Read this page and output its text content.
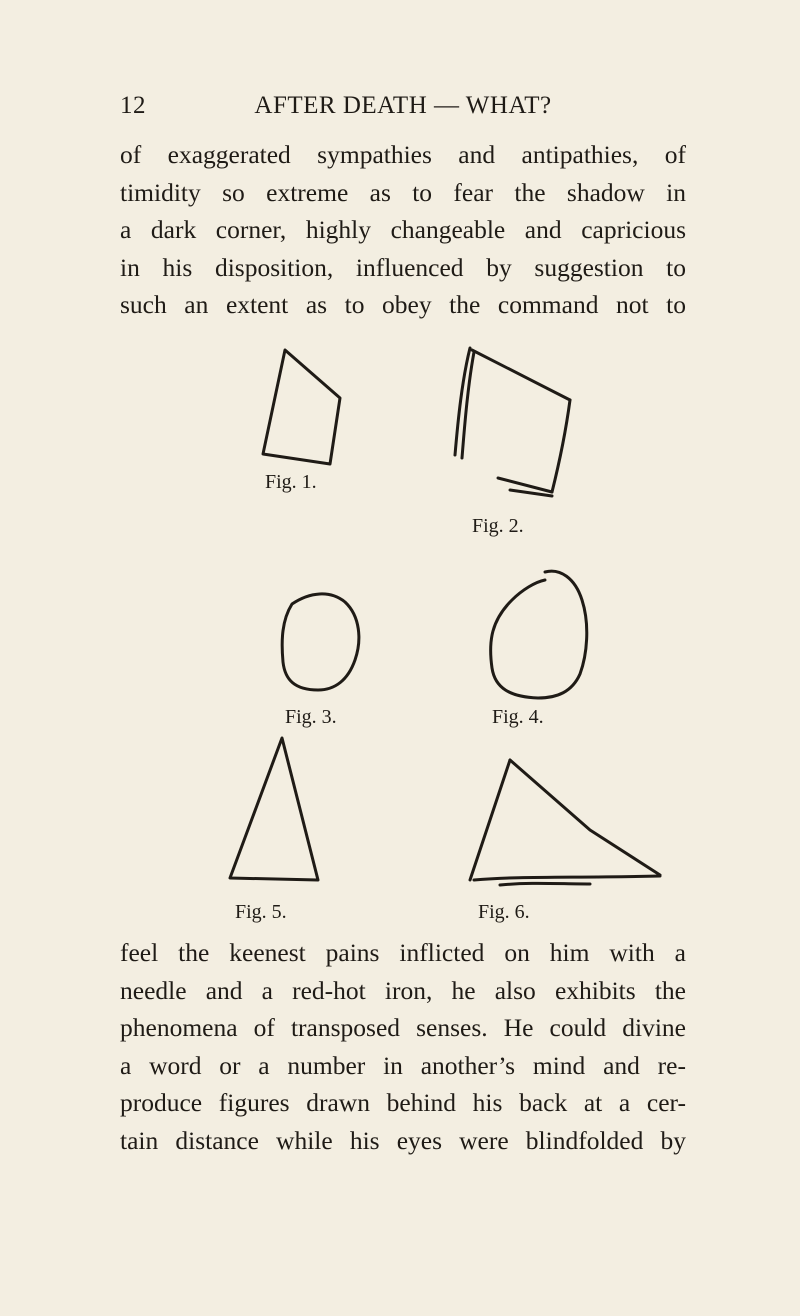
12	AFTER DEATH — WHAT?
of exaggerated sympathies and antipathies, of
timidity so extreme as to fear the shadow in
a dark corner, highly changeable and capricious
in his disposition, influenced by suggestion to
such an extent as to obey the command not to
Fig. 1.
Fig. 2.
Fig. 3.	Fig. 4.
Fig. 5.	Fig. 6.
feel the keenest pains inflicted on him with a
needle and a red-hot iron, he also exhibits the
phenomena of transposed senses. He could divine
a word or a number in another’s mind and re-
produce figures drawn behind his back at a cer-
tain distance while his eyes were blindfolded by
